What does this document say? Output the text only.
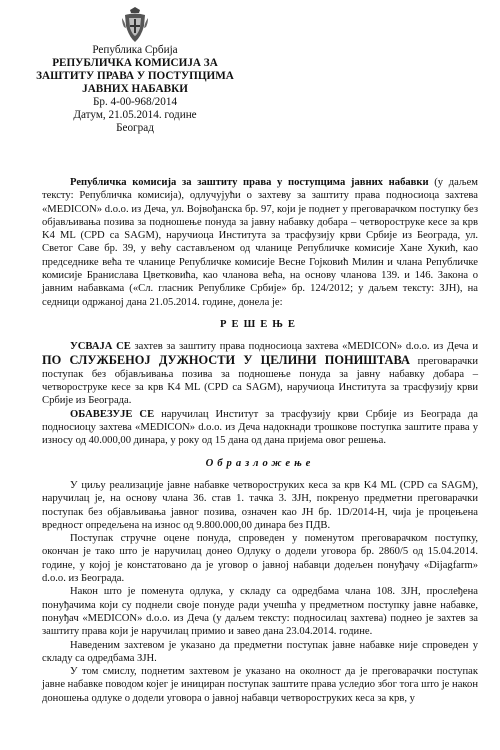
Република Србија
РЕПУБЛИЧКА КОМИСИЈА ЗА
ЗАШТИТУ ПРАВА У ПОСТУПЦИМА
ЈАВНИХ НАБАВКИ
Бр. 4-00-968/2014
Датум, 21.05.2014. године
Београд

Републичка комисија за заштиту права у поступцима јавних набавки (у даљем тексту: Републичка комисија), одлучујући о захтеву за заштиту права подносиоца захтева «MEDICON» d.o.o. из Деча, ул. Војвођанска бр. 97, који је поднет у преговарачком поступку без објављивања позива за подношење понуда за јавну набавку добара – четвороструке кесе за крв K4 ML (CPD са SAGM), наручиоца Института за трасфузију крви Србије из Београда, ул. Светог Саве бр. 39, у већу састављеном од чланице Републичке комисије Хане Хукић, као председнике већа те чланице Републичке комисије Весне Гојковић Милин и члана Републичке комисије Бранислава Цветковића, као чланова већа, на основу чланова 139. и 146. Закона о јавним набавкама («Сл. гласник Републике Србије» бр. 124/2012; у даљем тексту: ЗЈН), на седници одржаној дана 21.05.2014. године, донела је:

РЕШЕЊЕ

УСВАЈА СЕ захтев за заштиту права подносиоца захтева «MEDICON» d.o.o. из Деча и ПО СЛУЖБЕНОЈ ДУЖНОСТИ У ЦЕЛИНИ ПОНИШТАВА преговарачки поступак без објављивања позива за подношење понуда за јавну набавку добара – четвороструке кесе за крв K4 ML (CPD са SAGM), наручиоца Института за трасфузију крви Србије из Београда.

ОБАВЕЗУЈЕ СЕ наручилац Институт за трасфузију крви Србије из Београда да подносиоцу захтева «MEDICON» d.o.o. из Деча надокнади трошкове поступка заштите права у износу од 40.000,00 динара, у року од 15 дана од дана пријема овог решења.

Образложење

У циљу реализације јавне набавке четвороструких кеса за крв K4 ML (CPD са SAGM), наручилац је, на основу члана 36. став 1. тачка 3. ЗЈН, покренуо предметни преговарачки поступак без објављивања јавног позива, означен као ЈН бр. 1D/2014-H, чија је процењена вредност опредељена на износ од 9.800.000,00 динара без ПДВ.

Поступак стручне оцене понуда, спроведен у поменутом преговарачком поступку, окончан је тако што је наручилац донео Одлуку о додели уговора бр. 2860/5 од 15.04.2014. године, у којој је констатовано да је уговор о јавној набавци додељен понуђачу «Dijagfarm» d.o.o. из Београда.

Након што је поменута одлука, у складу са одредбама члана 108. ЗЈН, прослеђена понуђачима који су поднели своје понуде ради учешћа у предметном поступку јавне набавке, понуђач «MEDICON» d.o.o. из Деча (у даљем тексту: подносилац захтева) поднео је захтев за заштиту права који је наручилац примио и завео дана 23.04.2014. године.

Наведеним захтевом је указано да предметни поступак јавне набавке није спроведен у складу са одредбама ЗЈН.

У том смислу, поднетим захтевом је указано на околност да је преговарачки поступак јавне набавке поводом којег је иницирaн поступак заштите права уследио због тога што је након доношења одлуке о додели уговора о јавној набавци четвороструких кеса за крв, у
